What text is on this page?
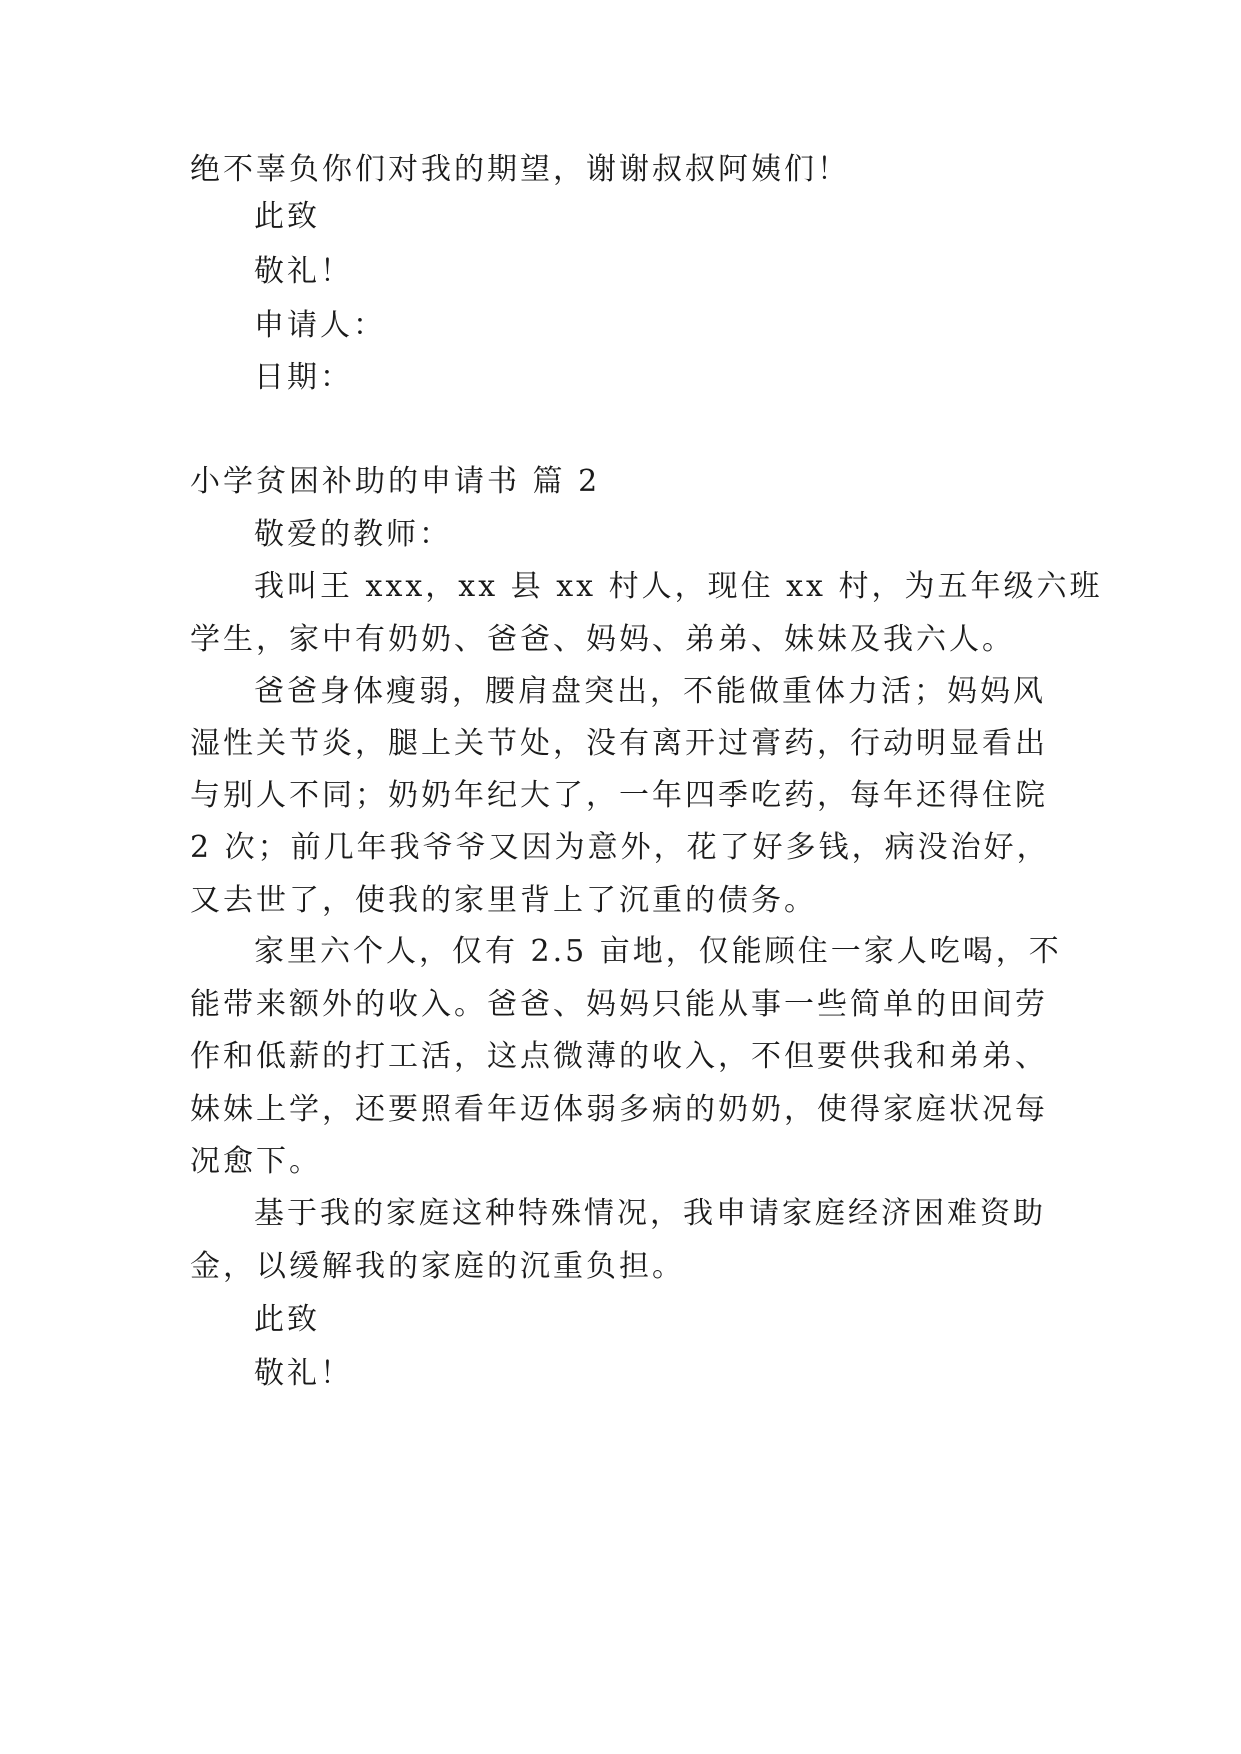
绝不辜负你们对我的期望，谢谢叔叔阿姨们！
此致
敬礼！
申请人：
日期：
小学贫困补助的申请书 篇 2
敬爱的教师：
我叫王 xxx，xx 县 xx 村人，现住 xx 村，为五年级六班
学生，家中有奶奶、爸爸、妈妈、弟弟、妹妹及我六人。
爸爸身体瘦弱，腰肩盘突出，不能做重体力活；妈妈风
湿性关节炎，腿上关节处，没有离开过膏药，行动明显看出
与别人不同；奶奶年纪大了，一年四季吃药，每年还得住院
2 次；前几年我爷爷又因为意外，花了好多钱，病没治好，
又去世了，使我的家里背上了沉重的债务。
家里六个人，仅有 2.5 亩地，仅能顾住一家人吃喝，不
能带来额外的收入。爸爸、妈妈只能从事一些简单的田间劳
作和低薪的打工活，这点微薄的收入，不但要供我和弟弟、
妹妹上学，还要照看年迈体弱多病的奶奶，使得家庭状况每
况愈下。
基于我的家庭这种特殊情况，我申请家庭经济困难资助
金，以缓解我的家庭的沉重负担。
此致
敬礼！
